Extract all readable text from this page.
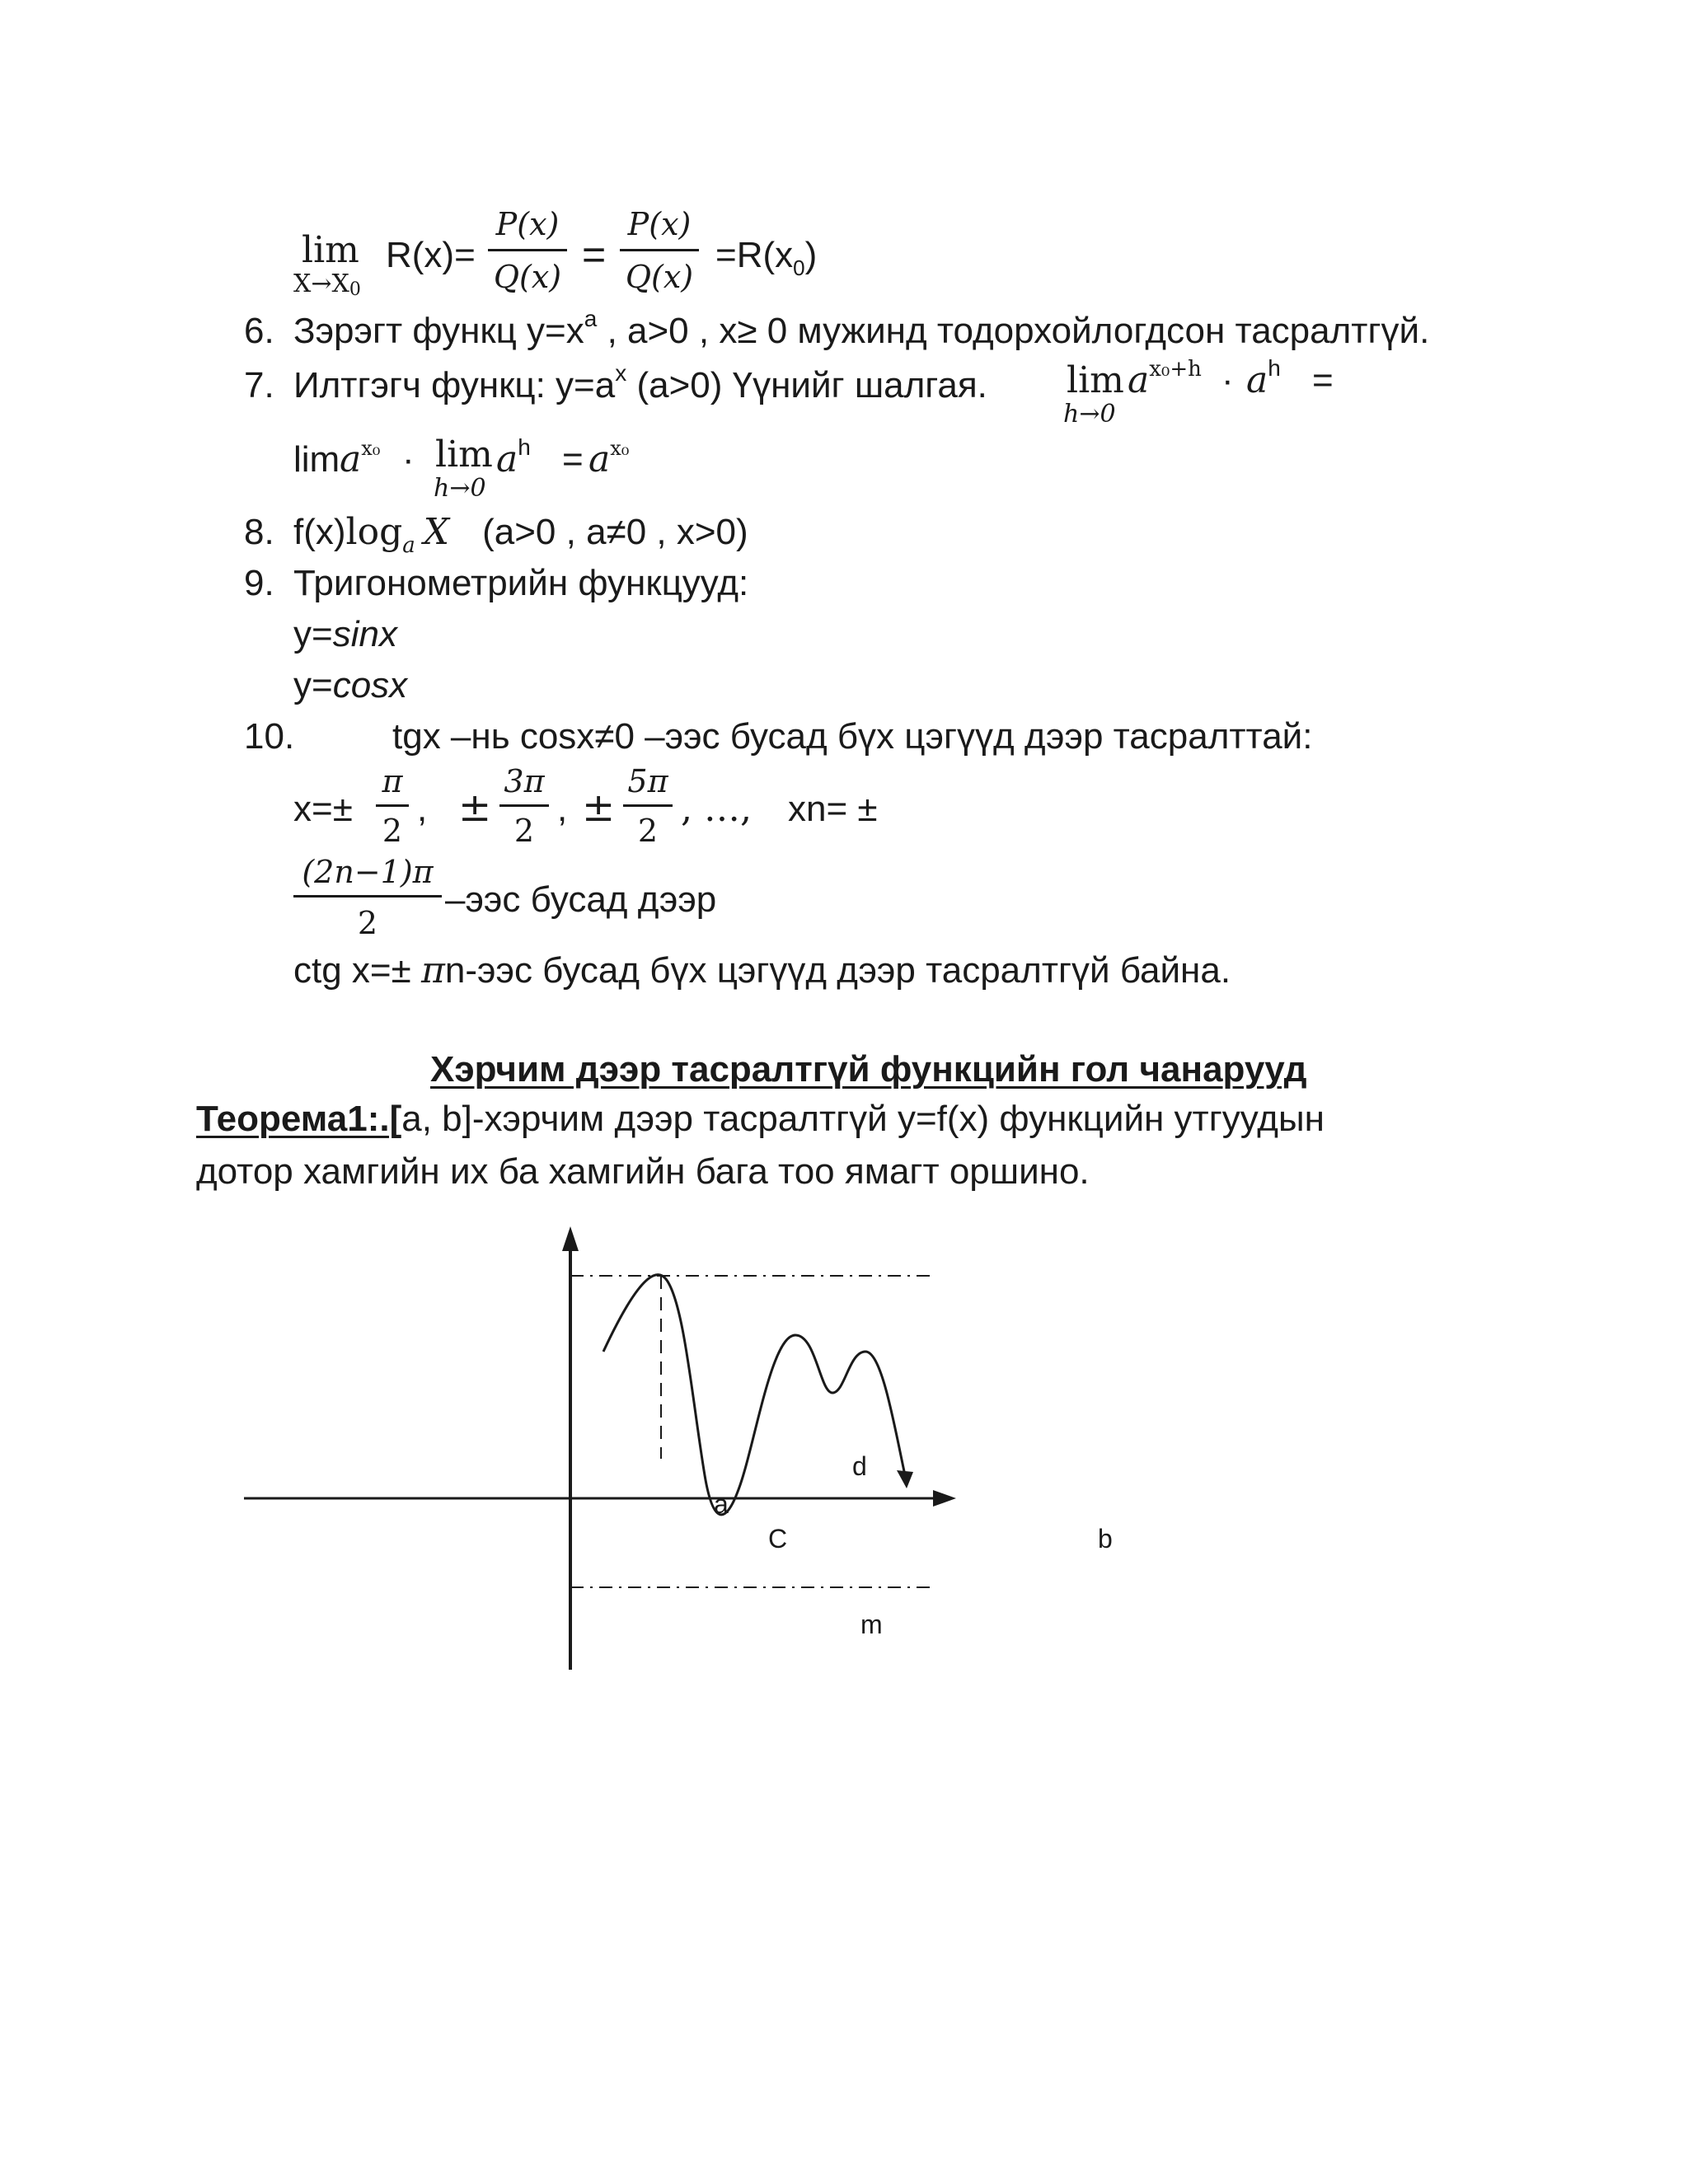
lim
$X\to X_0$
R(x)=
P(x)
Q(x) =
P(x)
Q(x)
$=R(x_0)$
6. Зэрэгт функц $y=x^a$ , a>0 , x≥ 0 мужинд тодорхойлогдсон тасралтгүй.
7. Илтгэгч функц: $y=a^x$ (a>0) Үүнийг шалгая. lim
h→0
$a^{x_0+h} \cdot a^h$ =
$\lim a^{x_0} \cdot \lim$
h→0
$a^h = a^{x_0}$
8. $f(x)\log_a$ X (a>0 , a≠0 , x>0)
9. Тригонометрийн функцууд:
y=sinx
y=cosx
10.	tgx –нь cosx≠0 –ээс бусад бүх цэгүүд дээр тасралттай:
x=±
π
2
, ±
3π
2
, ±
5π
2
, …, xn= ±
(2n−1)π
2
–ээс бусад дээр
ctg x=± πn-ээс бусад бүх цэгүүд дээр тасралтгүй байна.
Хэрчим дээр тасралтгүй функцийн гол чанарууд
Теорема1:.[a, b]-хэрчим дээр тасралтгүй y=f(x) функцийн утгуудын
дотор хамгийн их ба хамгийн бага тоо ямагт оршино.
d
a
C	b
m
